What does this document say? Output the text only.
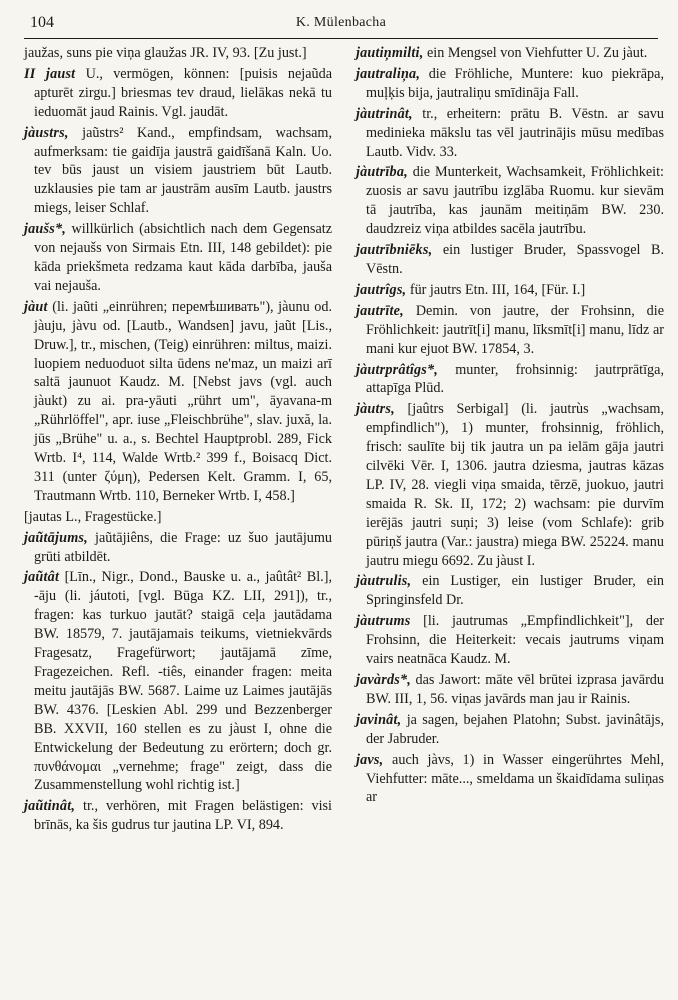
104	K. Mülenbacha

jaužas, suns pie viņa glaužas JR. IV, 93. [Zu just.]

II jaust U., vermögen, können: [puisis nejaũda apturēt zirgu.] briesmas tev draud, lielākas nekā tu ieduomāt jaud Rainis. Vgl. jaudāt.

jàustrs, jaũstrs² Kand., empfindsam, wachsam, aufmerksam: tie gaidīja jaustrā gaidīšanā Kaln. Uo. tev būs jaust un visiem jaustriem būt Lautb. uzklausies pie tam ar jaustrām ausīm Lautb. jaustrs miegs, leiser Schlaf.

jaušs*, willkürlich (absichtlich nach dem Gegensatz von nejaušs von Sirmais Etn. III, 148 gebildet): pie kāda priekšmeta redzama kaut kāda darbība, jauša vai nejauša.

jàut (li. jaũti „einrühren; перемѣшивать"), jàunu od. jàuju, jàvu od. [Lautb., Wandsen] javu, jaũt [Lis., Druw.], tr., mischen, (Teig) einrühren: miltus, maizi. luopiem neduoduot silta ūdens ne'maz, un maizi arī saltā jaunuot Kaudz. M. [Nebst javs (vgl. auch jàukt) zu ai. pra-yāuti „rührt um", āyavana-m „Rührlöffel", apr. iuse „Fleischbrühe", slav. juxă, la. jūs „Brühe" u. a., s. Bechtel Hauptprobl. 289, Fick Wrtb. I⁴, 114, Walde Wrtb.² 399 f., Boisacq Dict. 311 (unter ζύμη), Pedersen Kelt. Gramm. I, 65, Trautmann Wrtb. 110, Berneker Wrtb. I, 458.]

[jautas L., Fragestücke.]

jaũtājums, jaũtājiêns, die Frage: uz šuo jautājumu grūti atbildēt.

jaũtât [Līn., Nigr., Dond., Bauske u. a., jaûtât² Bl.], -āju (li. jáutoti, [vgl. Būga KZ. LII, 291]), tr., fragen: kas turkuo jautāt? staigā ceļa jautādama BW. 18579, 7. jautājamais teikums, vietniekvārds Fragesatz, Fragefürwort; jautājamā zīme, Fragezeichen. Refl. -tiês, einander fragen: meita meitu jautājās BW. 5687. Laime uz Laimes jautājās BW. 4376. [Leskien Abl. 299 und Bezzenberger BB. XXVII, 160 stellen es zu jàust I, ohne die Entwickelung der Bedeutung zu erörtern; doch gr. πυνθάνομαι „vernehme; frage" zeigt, dass die Zusammenstellung wohl richtig ist.]

jaũtinât, tr., verhören, mit Fragen belästigen: visi brīnās, ka šis gudrus tur jautina LP. VI, 894.

jautiņmilti, ein Mengsel von Viehfutter U. Zu jàut.

jautraliņa, die Fröhliche, Muntere: kuo piekrāpa, muļķis bija, jautraliņu smīdināja Fall.

jàutrinât, tr., erheitern: prātu B. Vēstn. ar savu medinieka mākslu tas vēl jautrinājis mūsu medības Lautb. Vidv. 33.

jàutrība, die Munterkeit, Wachsamkeit, Fröhlichkeit: zuosis ar savu jautrību izglāba Ruomu. kur sievām tā jautrība, kas jaunām meitiņām BW. 230. daudzreiz viņa atbildes sacēla jautrību.

jautrībniēks, ein lustiger Bruder, Spassvogel B. Vēstn.

jautrîgs, für jautrs Etn. III, 164, [Für. I.]

jautrīte, Demin. von jautre, der Frohsinn, die Fröhlichkeit: jautrīt[i] manu, līksmīt[i] manu, līdz ar mani kur ejuot BW. 17854, 3.

jàutrprâtîgs*, munter, frohsinnig: jautrprātīga, attapīga Plūd.

jàutrs, [jaûtrs Serbigal] (li. jautrùs „wachsam, empfindlich"), 1) munter, frohsinnig, fröhlich, frisch: saulīte bij tik jautra un pa ielām gāja jautri cilvēki Vēr. I, 1306. jautra dziesma, jautras kāzas LP. IV, 28. viegli viņa smaida, tērzē, juokuo, jautri smaida R. Sk. II, 172; 2) wachsam: pie durvīm ierējās jautri suņi; 3) leise (vom Schlafe): grib pūriņš jautra (Var.: jaustra) miega BW. 25224. manu jautru miegu 6692. Zu jàust I.

jàutrulis, ein Lustiger, ein lustiger Bruder, ein Springinsfeld Dr.

jàutrums [li. jautrumas „Empfindlichkeit"], der Frohsinn, die Heiterkeit: vecais jautrums viņam vairs neatnāca Kaudz. M.

javàrds*, das Jawort: māte vēl brūtei izprasa javārdu BW. III, 1, 56. viņas javārds man jau ir Rainis.

javinât, ja sagen, bejahen Platohn; Subst. javinâtājs, der Jabruder.

javs, auch jàvs, 1) in Wasser eingerührtes Mehl, Viehfutter: māte..., smeldama un škaidīdama suliņas ar
